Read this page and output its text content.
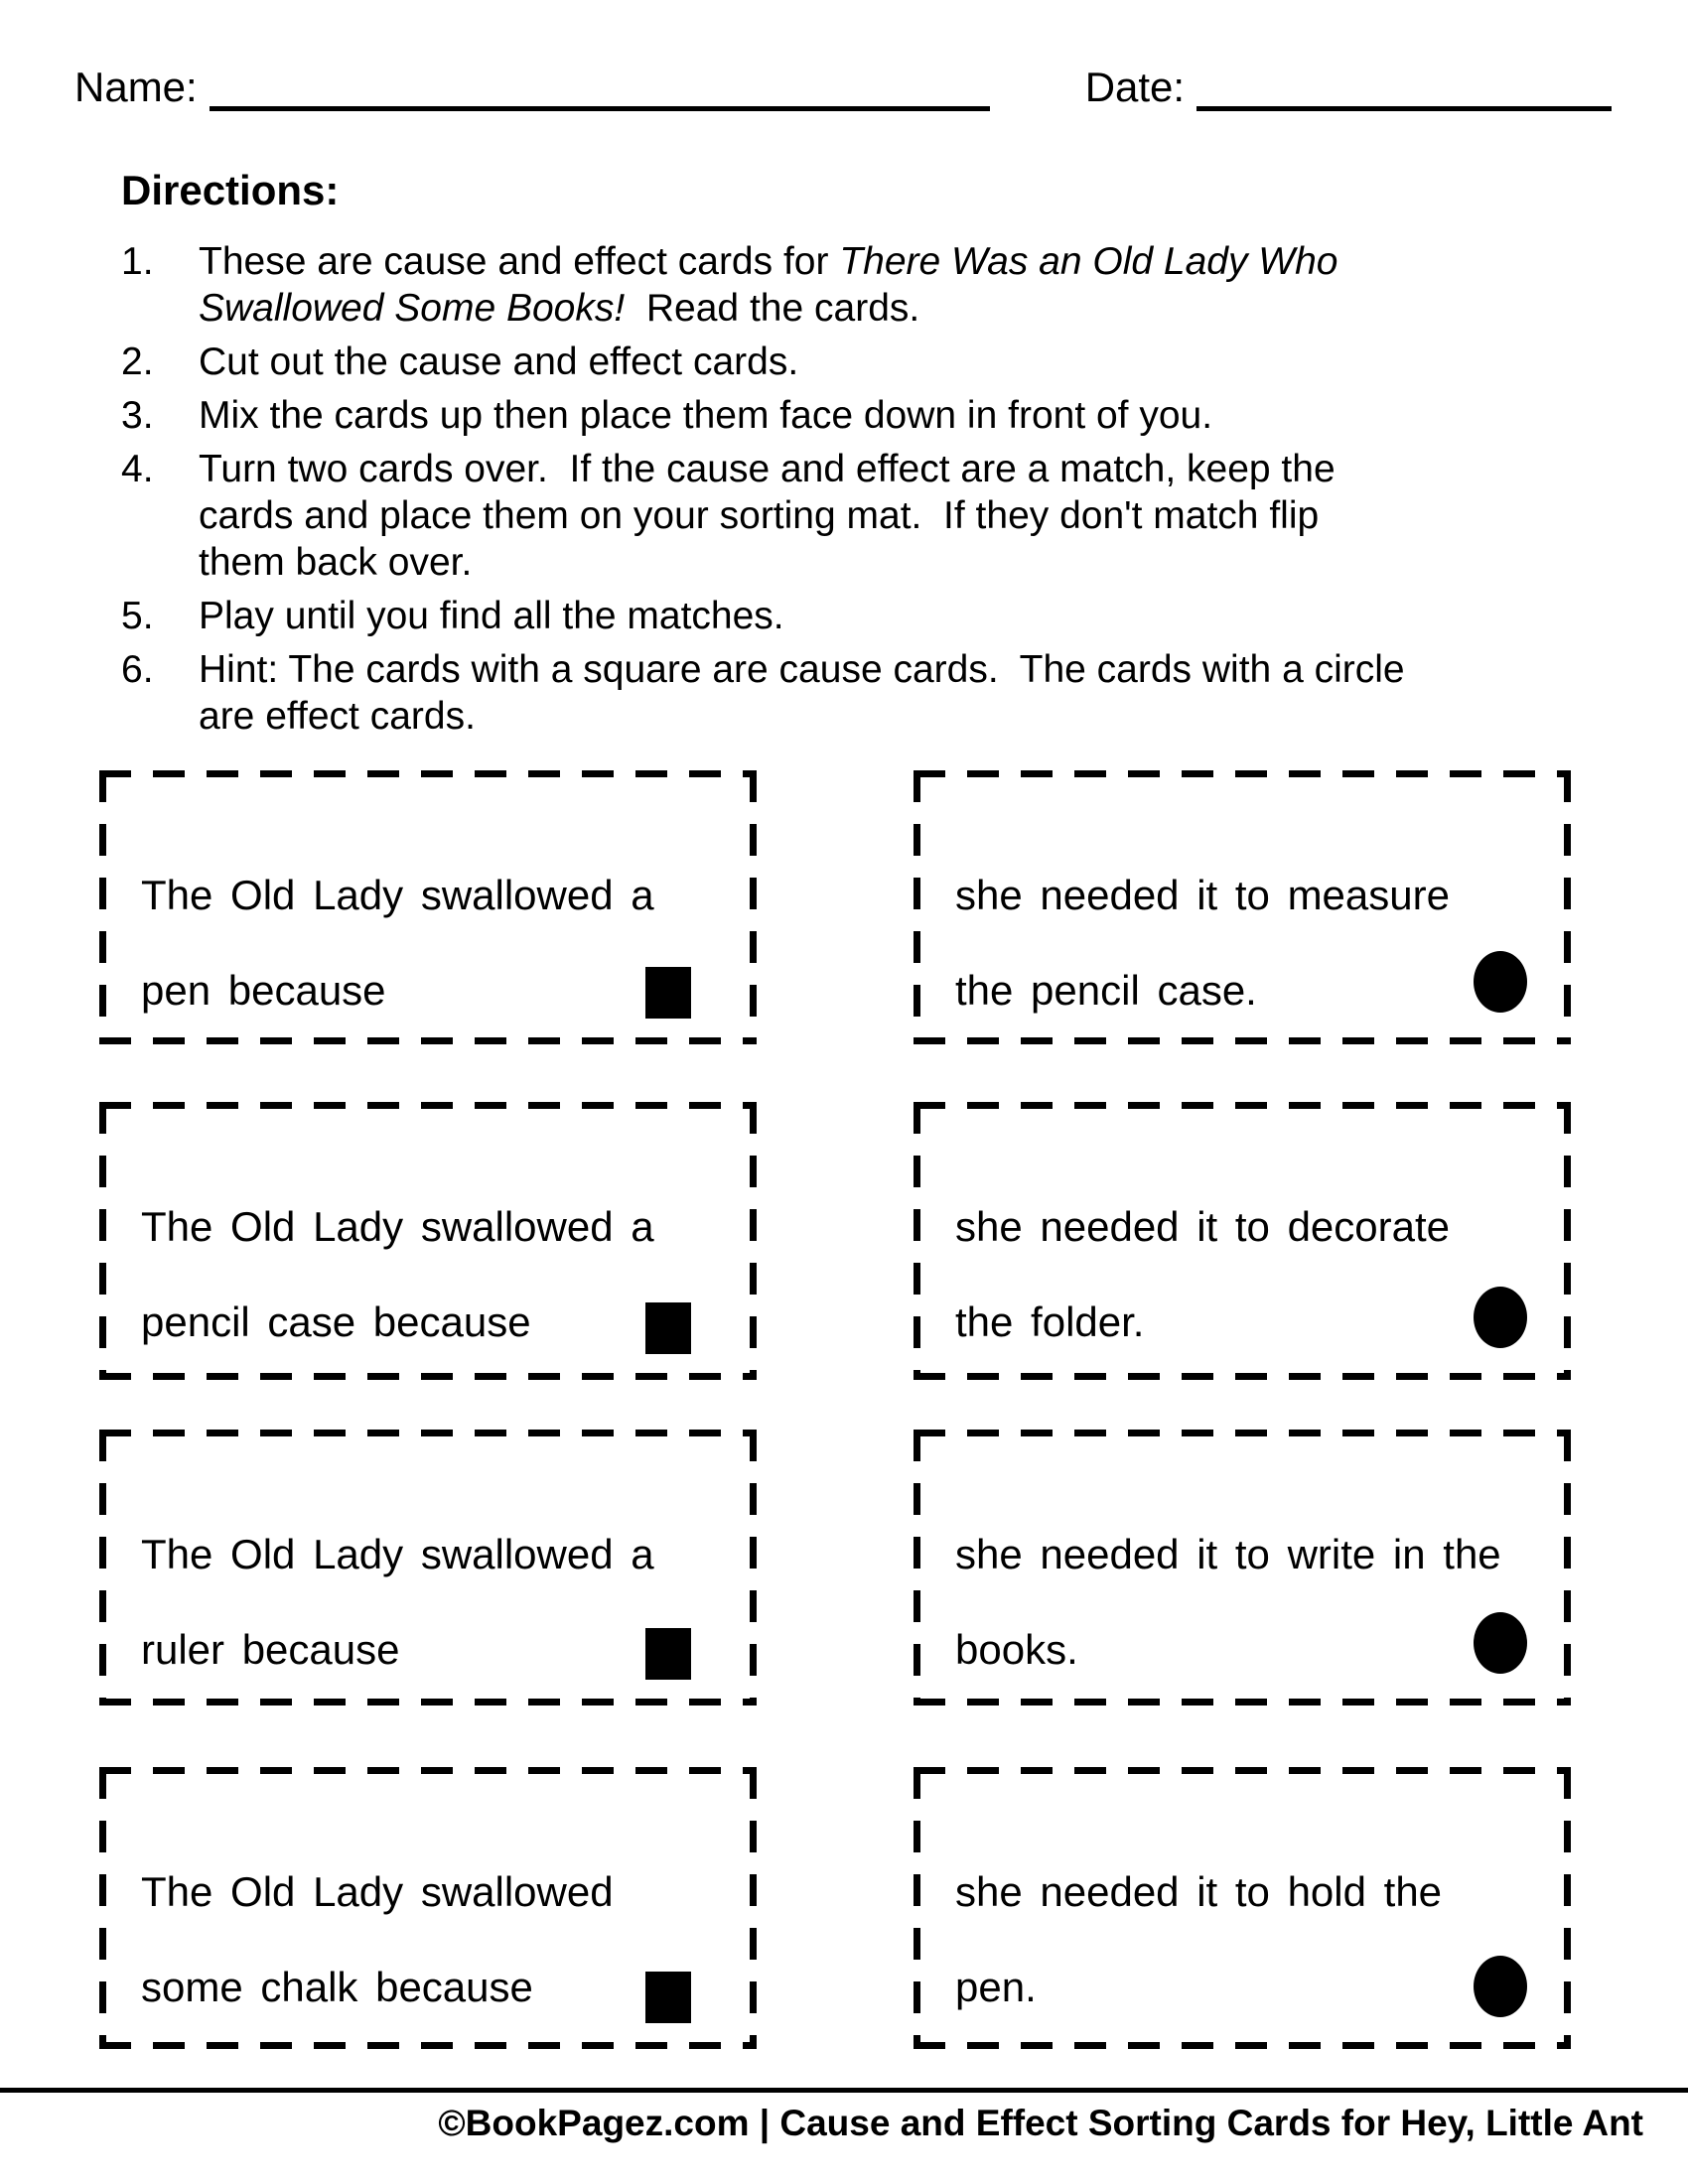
Name:	Date:
Directions:
1.	These are cause and effect cards for There Was an Old Lady Who
Swallowed Some Books!  Read the cards.
2.	Cut out the cause and effect cards.
3.	Mix the cards up then place them face down in front of you.
4.	Turn two cards over.  If the cause and effect are a match, keep the
cards and place them on your sorting mat.  If they don't match flip
them back over.
5.	Play until you find all the matches.
6.	Hint: The cards with a square are cause cards.  The cards with a circle
are effect cards.
The Old Lady swallowed a
pen because
she needed it to measure
the pencil case.
The Old Lady swallowed a
pencil case because
she needed it to decorate
the folder.
The Old Lady swallowed a
ruler because
she needed it to write in the
books.
The Old Lady swallowed
some chalk because
she needed it to hold the
pen.
©BookPagez.com | Cause and Effect Sorting Cards for Hey, Little Ant
